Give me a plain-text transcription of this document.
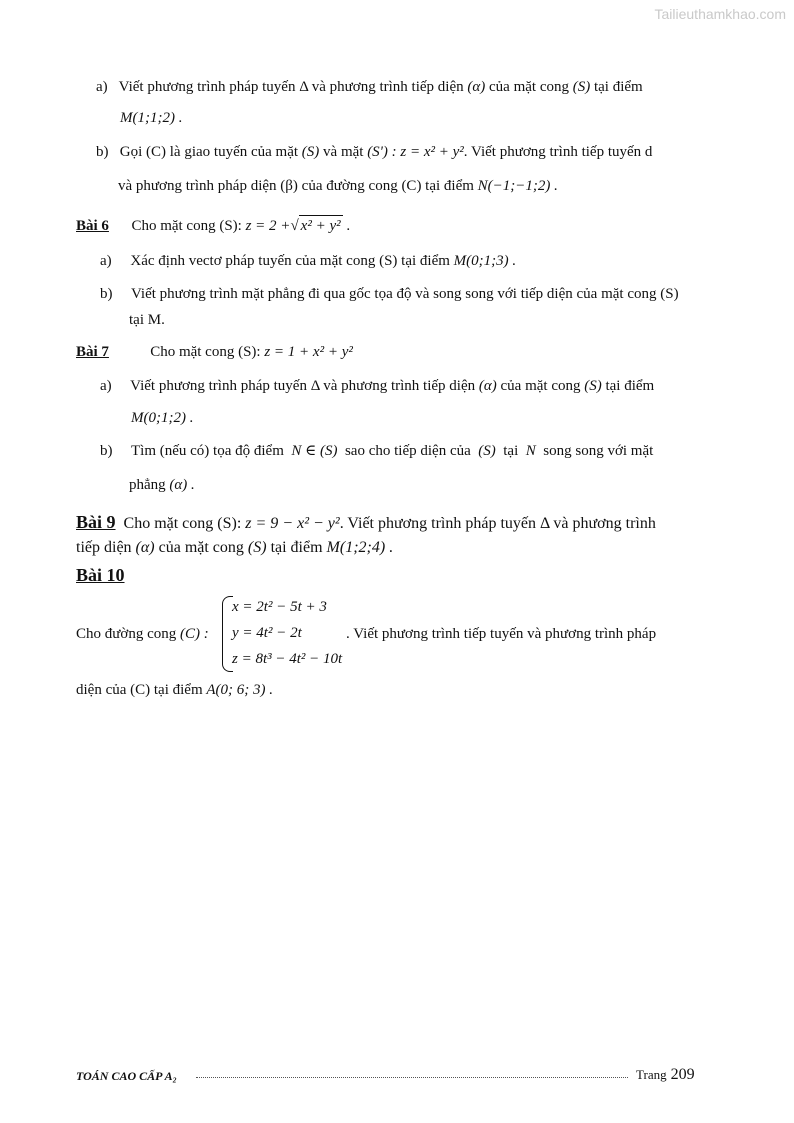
Tailieuthamkhao.com
a) Viết phương trình pháp tuyến Δ và phương trình tiếp diện (α) của mặt cong (S) tại điểm
M(1;1;2) .
b) Gọi (C) là giao tuyến của mặt (S) và mặt (S') : z = x² + y². Viết phương trình tiếp tuyến d
và phương trình pháp diện (β) của đường cong (C) tại điểm N(−1;−1;2) .
Bài 6 Cho mặt cong (S): z = 2 +√ x² + y² .
a) Xác định vectơ pháp tuyến của mặt cong (S) tại điểm M(0;1;3) .
b) Viết phương trình mặt phẳng đi qua gốc tọa độ và song song với tiếp diện của mặt cong (S)
tại M.
Bài 7	Cho mặt cong (S): z = 1 + x² + y²
a) Viết phương trình pháp tuyến Δ và phương trình tiếp diện (α) của mặt cong (S) tại điểm
M(0;1;2) .
b) Tìm (nếu có) tọa độ điểm N ∈ (S) sao cho tiếp diện của (S) tại N song song với mặt
phẳng (α) .
Bài 9 Cho mặt cong (S): z = 9 − x² − y². Viết phương trình pháp tuyến Δ và phương trình
tiếp diện (α) của mặt cong (S) tại điểm M(1;2;4) .
Bài 10
Cho đường cong (C) :
x = 2t² − 5t + 3
y = 4t² − 2t
z = 8t³ − 4t² − 10t
. Viết phương trình tiếp tuyến và phương trình pháp
diện của (C) tại điểm A(0; 6; 3) .
TOÁN CAO CẤP A₂	Trang 209
